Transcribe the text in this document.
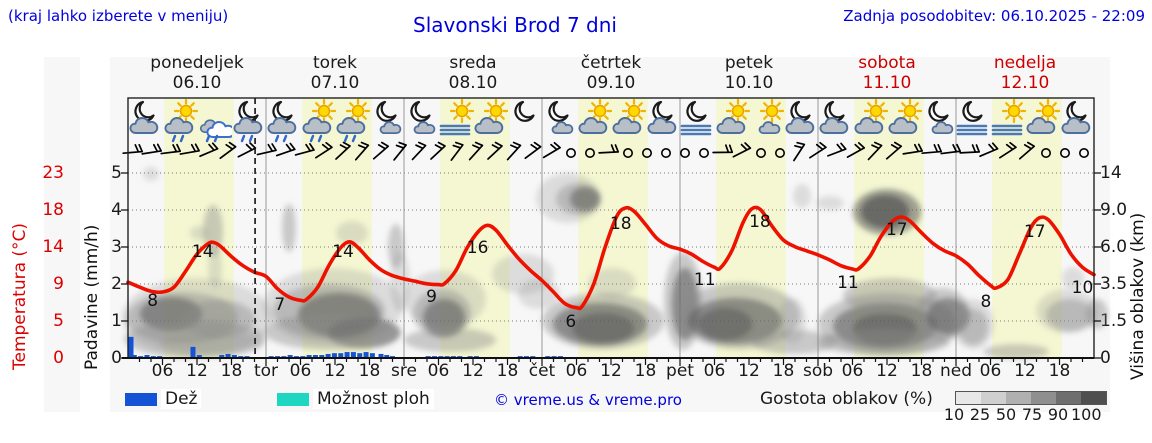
(kraj lahko izberete v meniju)	Slavonski Brod 7 dni	Zadnja posodobitev: 06.10.2025 - 22:09
ponedeljek
06.10
torek
07.10
sreda
08.10
četrtek
09.10
petek
10.10
sobota
11.10
nedelja
12.10
Temperatura (°C)	Padavine (mm/h)	Višina oblakov (km)
23
18
14
9
5
0
5
4
3
2
1
0
14
9.0
6.0
3.5
1.5
0
06 12 18	06 12 18	06 12 18	06 12 18	06 12 18	06 12 18	06 12 18
tor	sre	čet	pet	sob	ned
8
14
7
14
9
16
6
18
11
18
11
17
8
17
10
Dež	Možnost ploh	© vreme.us & vreme.pro	Gostota oblakov (%)
10 25 50 75 90 100
